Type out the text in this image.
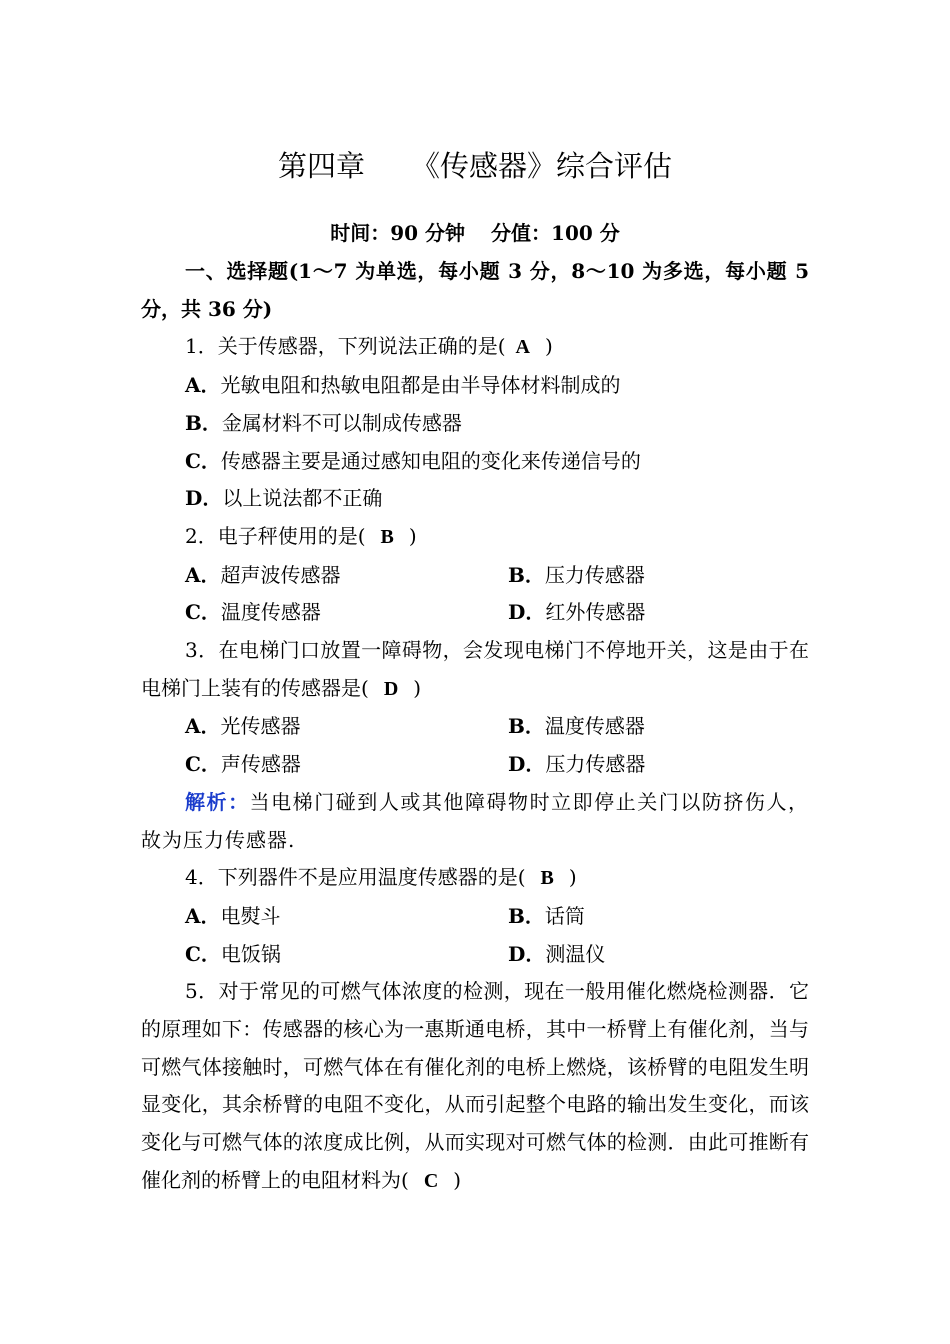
第四章 《传感器》综合评估
时间：90 分钟 分值：100 分

一、选择题(1～7 为单选，每小题 3 分，8～10 为多选，每小题 5 分，共 36 分)

1．关于传感器，下列说法正确的是( A )

A．光敏电阻和热敏电阻都是由半导体材料制成的

B．金属材料不可以制成传感器

C．传感器主要是通过感知电阻的变化来传递信号的

D．以上说法都不正确

2．电子秤使用的是( B )

A．超声波传感器	B．压力传感器
C．温度传感器	D．红外传感器

3．在电梯门口放置一障碍物，会发现电梯门不停地开关，这是由于在电梯门上装有的传感器是( D )

A．光传感器	B．温度传感器
C．声传感器	D．压力传感器

解析：当电梯门碰到人或其他障碍物时立即停止关门以防挤伤人，故为压力传感器.

4．下列器件不是应用温度传感器的是( B )

A．电熨斗	B．话筒
C．电饭锅	D．测温仪

5．对于常见的可燃气体浓度的检测，现在一般用催化燃烧检测器．它的原理如下：传感器的核心为一惠斯通电桥，其中一桥臂上有催化剂，当与可燃气体接触时，可燃气体在有催化剂的电桥上燃烧，该桥臂的电阻发生明显变化，其余桥臂的电阻不变化，从而引起整个电路的输出发生变化，而该变化与可燃气体的浓度成比例，从而实现对可燃气体的检测．由此可推断有催化剂的桥臂上的电阻材料为( C )
